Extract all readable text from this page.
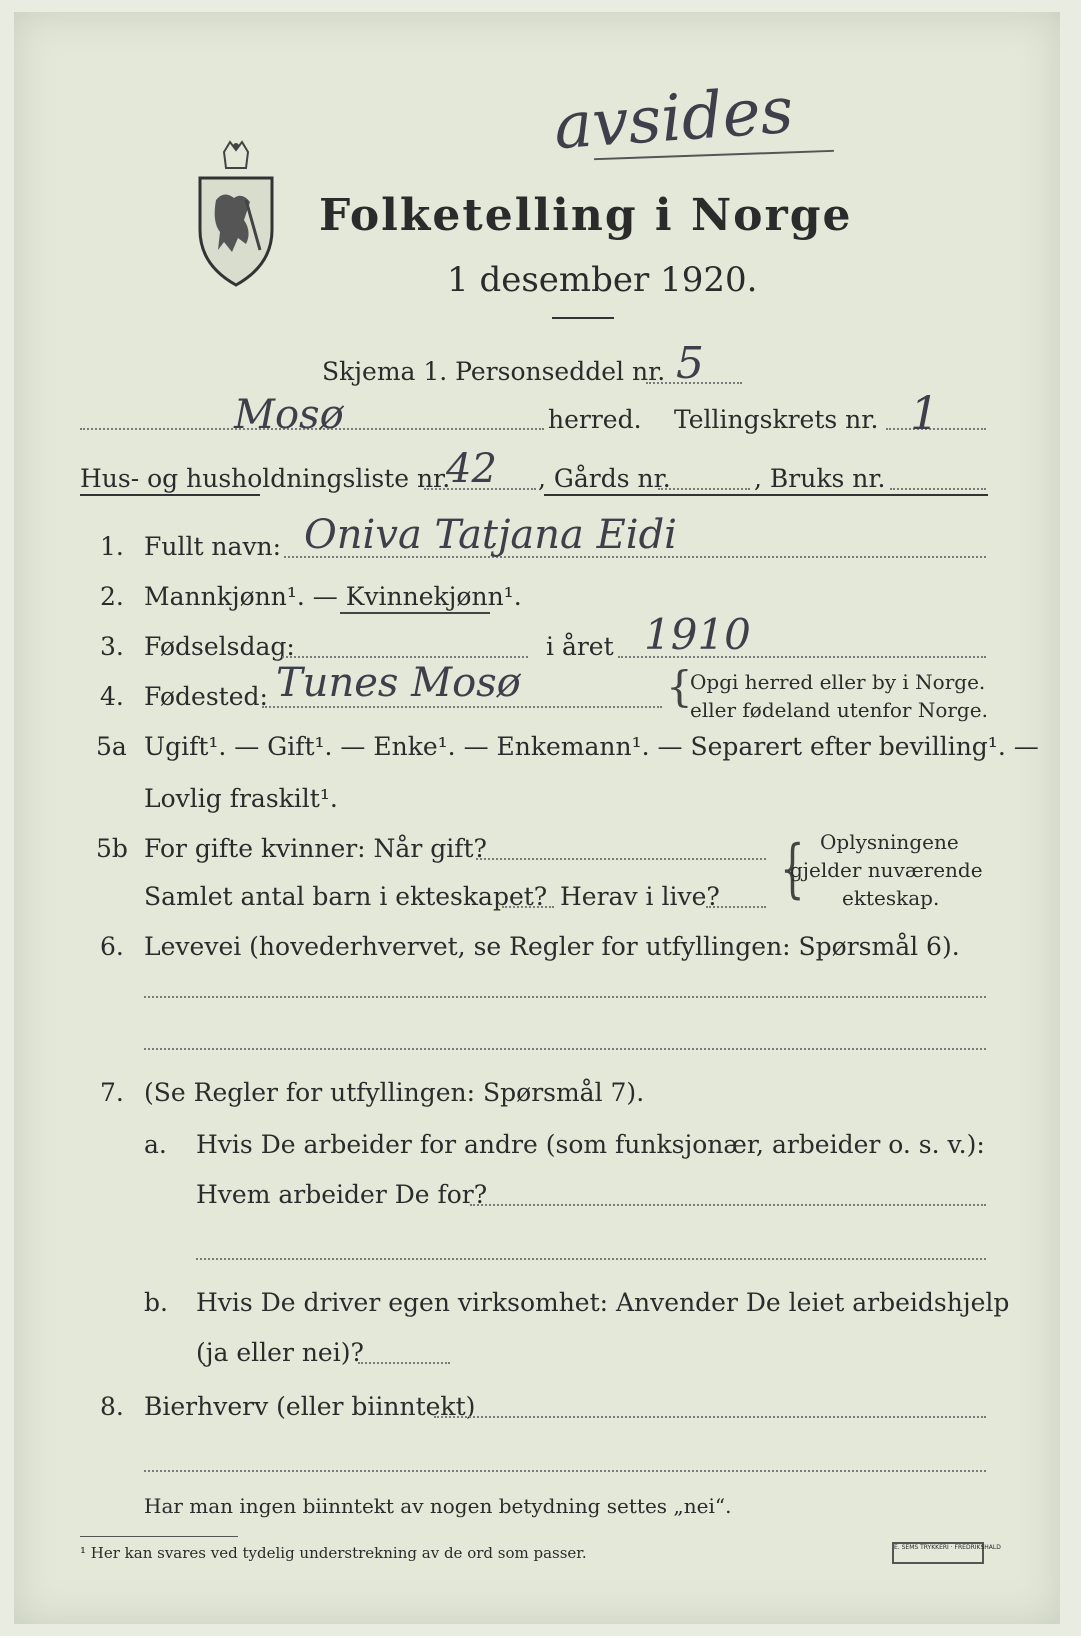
avsides
Folketelling i Norge
1 desember 1920.
Skjema 1. Personseddel nr. 5
Mosø	herred. Tellingskrets nr. 1
Hus- og husholdningsliste nr.
42 , Gårds nr.	, Bruks nr.
1. Fullt navn: Oniva Tatjana Eidi
2. Mannkjønn¹. — Kvinnekjønn¹.
3. Fødselsdag:	i året 1910
4. Fødested: Tunes Mosø	{
Opgi herred eller by i Norge.
eller fødeland utenfor Norge.
5a Ugift¹. — Gift¹. — Enke¹. — Enkemann¹. — Separert efter bevilling¹. —
Lovlig fraskilt¹.
5b For gifte kvinner: Når gift?
Samlet antal barn i ekteskapet? Herav i live? { Oplysningene
gjelder nuværende
ekteskap.
6. Levevei (hovederhvervet, se Regler for utfyllingen: Spørsmål 6).
7. (Se Regler for utfyllingen: Spørsmål 7).
a. Hvis De arbeider for andre (som funksjonær, arbeider o. s. v.):
Hvem arbeider De for?
b. Hvis De driver egen virksomhet: Anvender De leiet arbeidshjelp
(ja eller nei)?
8. Bierhverv (eller biinntekt)
Har man ingen biinntekt av nogen betydning settes „nei“.
¹ Her kan svares ved tydelig understrekning av de ord som passer.	E. SEMS TRYKKERI · FREDRIKSHALD
